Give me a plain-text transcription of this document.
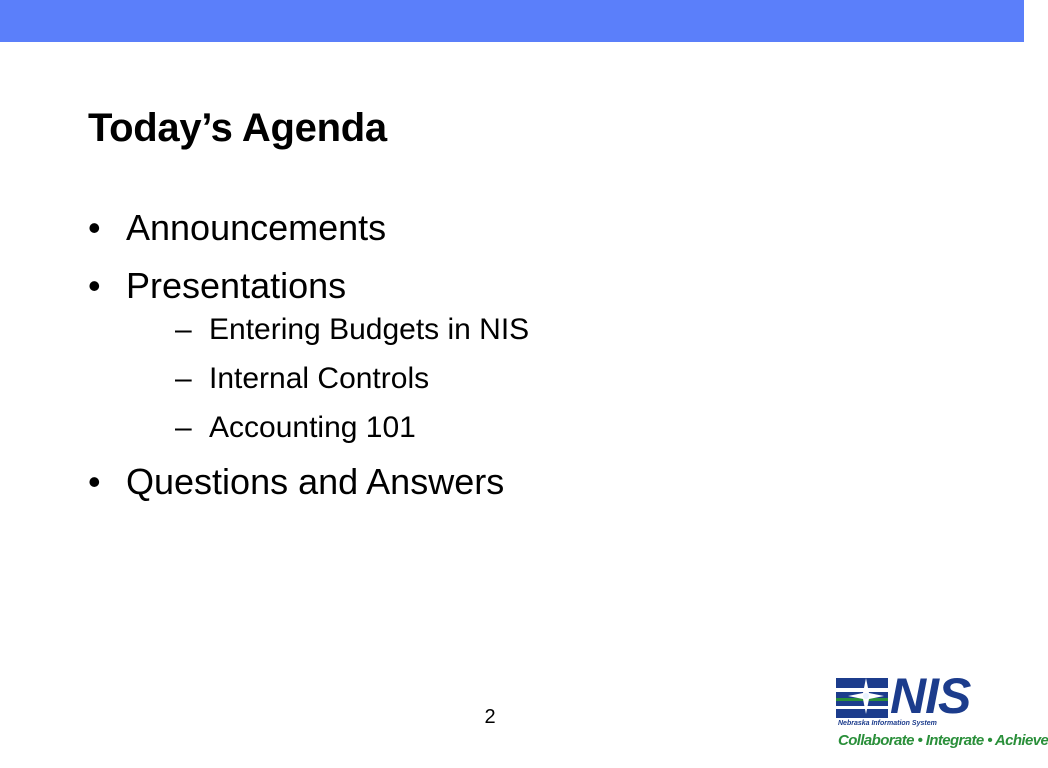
Today’s Agenda
• Announcements
• Presentations
– Entering Budgets in NIS
– Internal Controls
– Accounting 101
• Questions and Answers
2	NIS
Nebraska Information System
Collaborate • Integrate • Achieve
